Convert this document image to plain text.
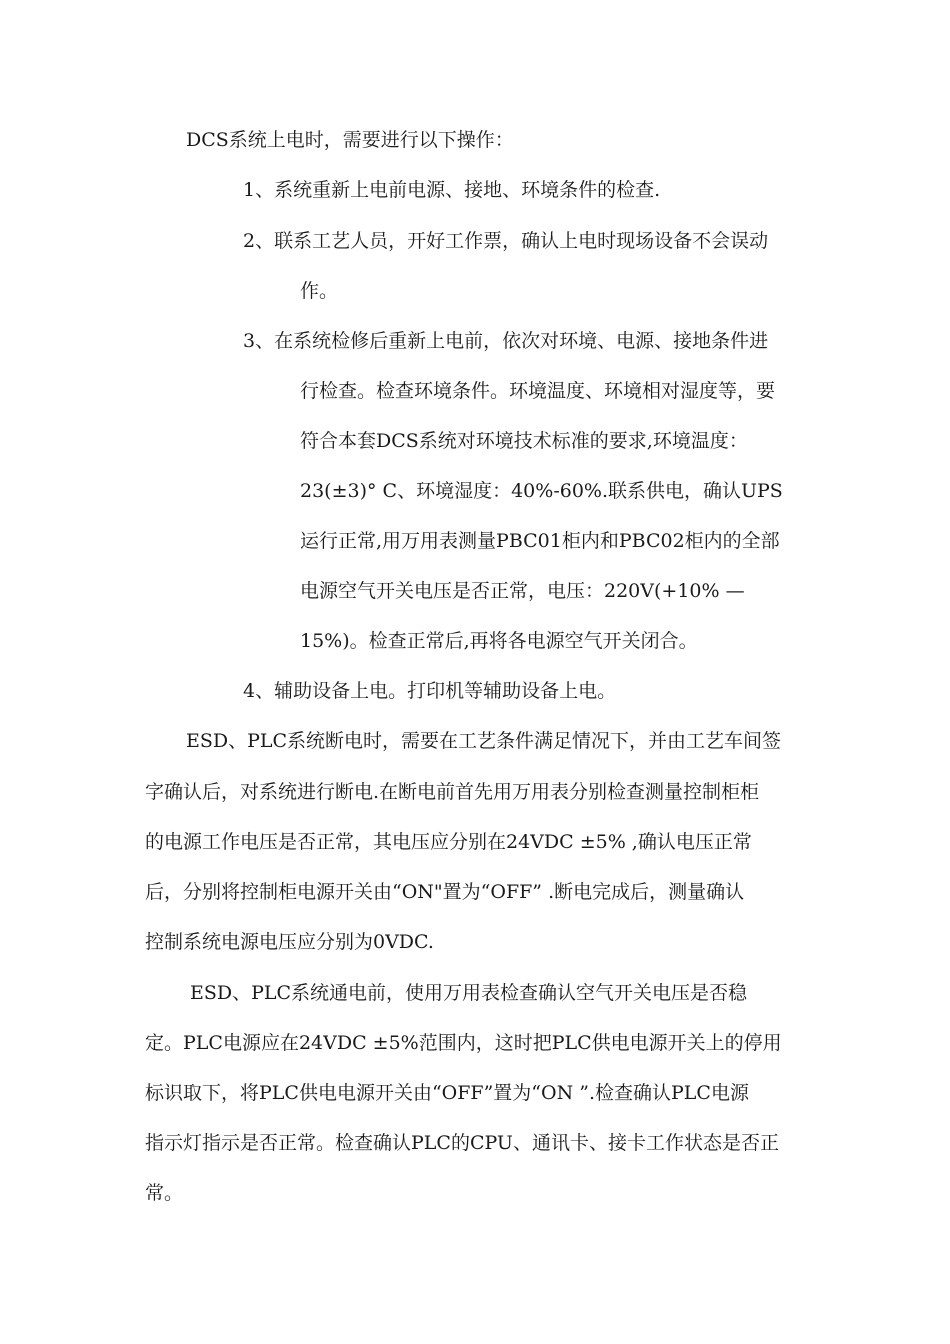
DCS系统上电时，需要进行以下操作：
1、系统重新上电前电源、接地、环境条件的检查.
2、联系工艺人员，开好工作票，确认上电时现场设备不会误动
作。
3、在系统检修后重新上电前，依次对环境、电源、接地条件进
行检查。检查环境条件。环境温度、环境相对湿度等，要
符合本套DCS系统对环境技术标准的要求,环境温度：
23(±3)° C、环境湿度：40%-60%.联系供电，确认UPS
运行正常,用万用表测量PBC01柜内和PBC02柜内的全部
电源空气开关电压是否正常，电压：220V(+10% —
15%)。检查正常后,再将各电源空气开关闭合。
4、辅助设备上电。打印机等辅助设备上电。
ESD、PLC系统断电时，需要在工艺条件满足情况下，并由工艺车间签
字确认后，对系统进行断电.在断电前首先用万用表分别检查测量控制柜柜
的电源工作电压是否正常，其电压应分别在24VDC ±5% ,确认电压正常
后，分别将控制柜电源开关由“ON"置为“OFF” .断电完成后，测量确认
控制系统电源电压应分别为0VDC.
ESD、PLC系统通电前，使用万用表检查确认空气开关电压是否稳
定。PLC电源应在24VDC ±5%范围内，这时把PLC供电电源开关上的停用
标识取下，将PLC供电电源开关由“OFF”置为“ON ”.检查确认PLC电源
指示灯指示是否正常。检查确认PLC的CPU、通讯卡、接卡工作状态是否正
常。
